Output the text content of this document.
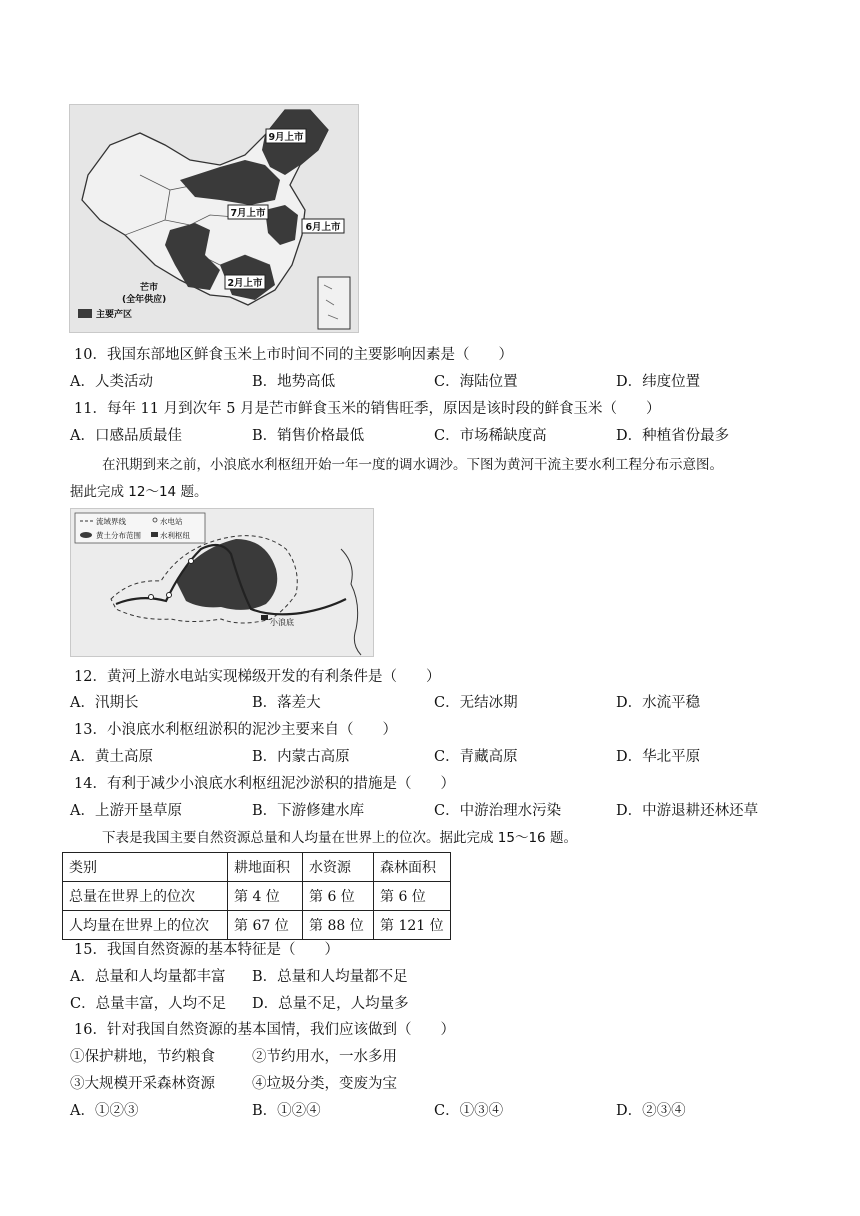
9月上市
7月上市
6月上市
2月上市
芒市
(全年供应)
主要产区
10．我国东部地区鲜食玉米上市时间不同的主要影响因素是（　　）
A．人类活动	B．地势高低	C．海陆位置	D．纬度位置
11．每年 11 月到次年 5 月是芒市鲜食玉米的销售旺季，原因是该时段的鲜食玉米（　　）
A．口感品质最佳	B．销售价格最低	C．市场稀缺度高	D．种植省份最多
在汛期到来之前，小浪底水利枢纽开始一年一度的调水调沙。下图为黄河干流主要水利工程分布示意图。
据此完成 12～14 题。
流域界线	水电站
黄土分布范围	水利枢纽
小浪底
12．黄河上游水电站实现梯级开发的有利条件是（　　）
A．汛期长	B．落差大	C．无结冰期	D．水流平稳
13．小浪底水利枢纽淤积的泥沙主要来自（　　）
A．黄土高原	B．内蒙古高原	C．青藏高原	D．华北平原
14．有利于减少小浪底水利枢纽泥沙淤积的措施是（　　）
A．上游开垦草原	B．下游修建水库	C．中游治理水污染	D．中游退耕还林还草
下表是我国主要自然资源总量和人均量在世界上的位次。据此完成 15～16 题。
类别	耕地面积	水资源	森林面积
总量在世界上的位次	第 4 位	第 6 位	第 6 位
人均量在世界上的位次	第 67 位	第 88 位	第 121 位
15．我国自然资源的基本特征是（　　）
A．总量和人均量都丰富 B．总量和人均量都不足
C．总量丰富，人均不足 D．总量不足，人均量多
16．针对我国自然资源的基本国情，我们应该做到（　　）
①保护耕地，节约粮食	②节约用水，一水多用
③大规模开采森林资源	④垃圾分类，变废为宝
A．①②③	B．①②④	C．①③④	D．②③④
